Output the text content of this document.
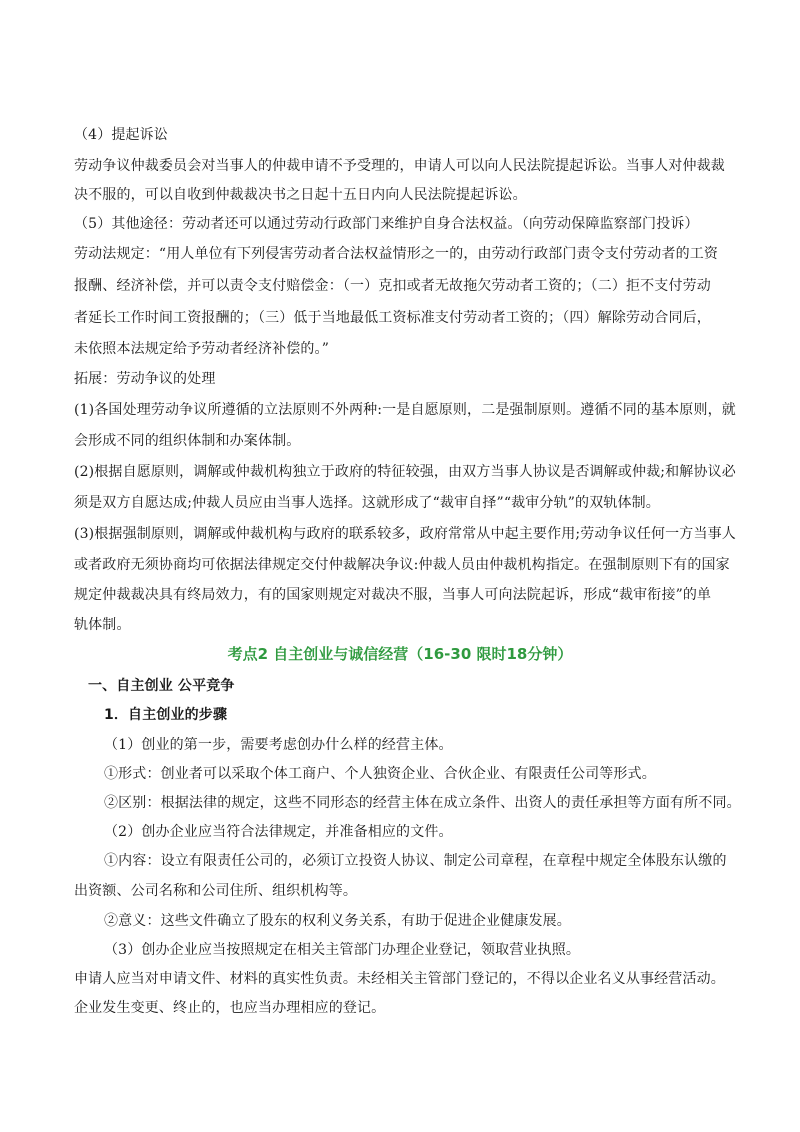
（4）提起诉讼
劳动争议仲裁委员会对当事人的仲裁申请不予受理的，申请人可以向人民法院提起诉讼。当事人对仲裁裁
决不服的，可以自收到仲裁裁决书之日起十五日内向人民法院提起诉讼。
（5）其他途径：劳动者还可以通过劳动行政部门来维护自身合法权益。（向劳动保障监察部门投诉）
劳动法规定：“用人单位有下列侵害劳动者合法权益情形之一的，由劳动行政部门责令支付劳动者的工资
报酬、经济补偿，并可以责令支付赔偿金：（一）克扣或者无故拖欠劳动者工资的；（二）拒不支付劳动
者延长工作时间工资报酬的；（三）低于当地最低工资标准支付劳动者工资的；（四）解除劳动合同后，
未依照本法规定给予劳动者经济补偿的。”
拓展：劳动争议的处理
(1)各国处理劳动争议所遵循的立法原则不外两种:一是自愿原则，二是强制原则。遵循不同的基本原则，就
会形成不同的组织体制和办案体制。
(2)根据自愿原则，调解或仲裁机构独立于政府的特征较强，由双方当事人协议是否调解或仲裁;和解协议必
须是双方自愿达成;仲裁人员应由当事人选择。这就形成了“裁审自择”“裁审分轨”的双轨体制。
(3)根据强制原则，调解或仲裁机构与政府的联系较多，政府常常从中起主要作用;劳动争议任何一方当事人
或者政府无须协商均可依据法律规定交付仲裁解决争议:仲裁人员由仲裁机构指定。在强制原则下有的国家
规定仲裁裁决具有终局效力，有的国家则规定对裁决不服，当事人可向法院起诉，形成“裁审衔接”的单
轨体制。
考点2 自主创业与诚信经营（16-30 限时18分钟）
一、自主创业 公平竞争
1．自主创业的步骤
（1）创业的第一步，需要考虑创办什么样的经营主体。
①形式：创业者可以采取个体工商户、个人独资企业、合伙企业、有限责任公司等形式。
②区别：根据法律的规定，这些不同形态的经营主体在成立条件、出资人的责任承担等方面有所不同。
（2）创办企业应当符合法律规定，并准备相应的文件。
①内容：设立有限责任公司的，必须订立投资人协议、制定公司章程，在章程中规定全体股东认缴的
出资额、公司名称和公司住所、组织机构等。
②意义：这些文件确立了股东的权利义务关系，有助于促进企业健康发展。
（3）创办企业应当按照规定在相关主管部门办理企业登记，领取营业执照。
申请人应当对申请文件、材料的真实性负责。未经相关主管部门登记的，不得以企业名义从事经营活动。
企业发生变更、终止的，也应当办理相应的登记。
